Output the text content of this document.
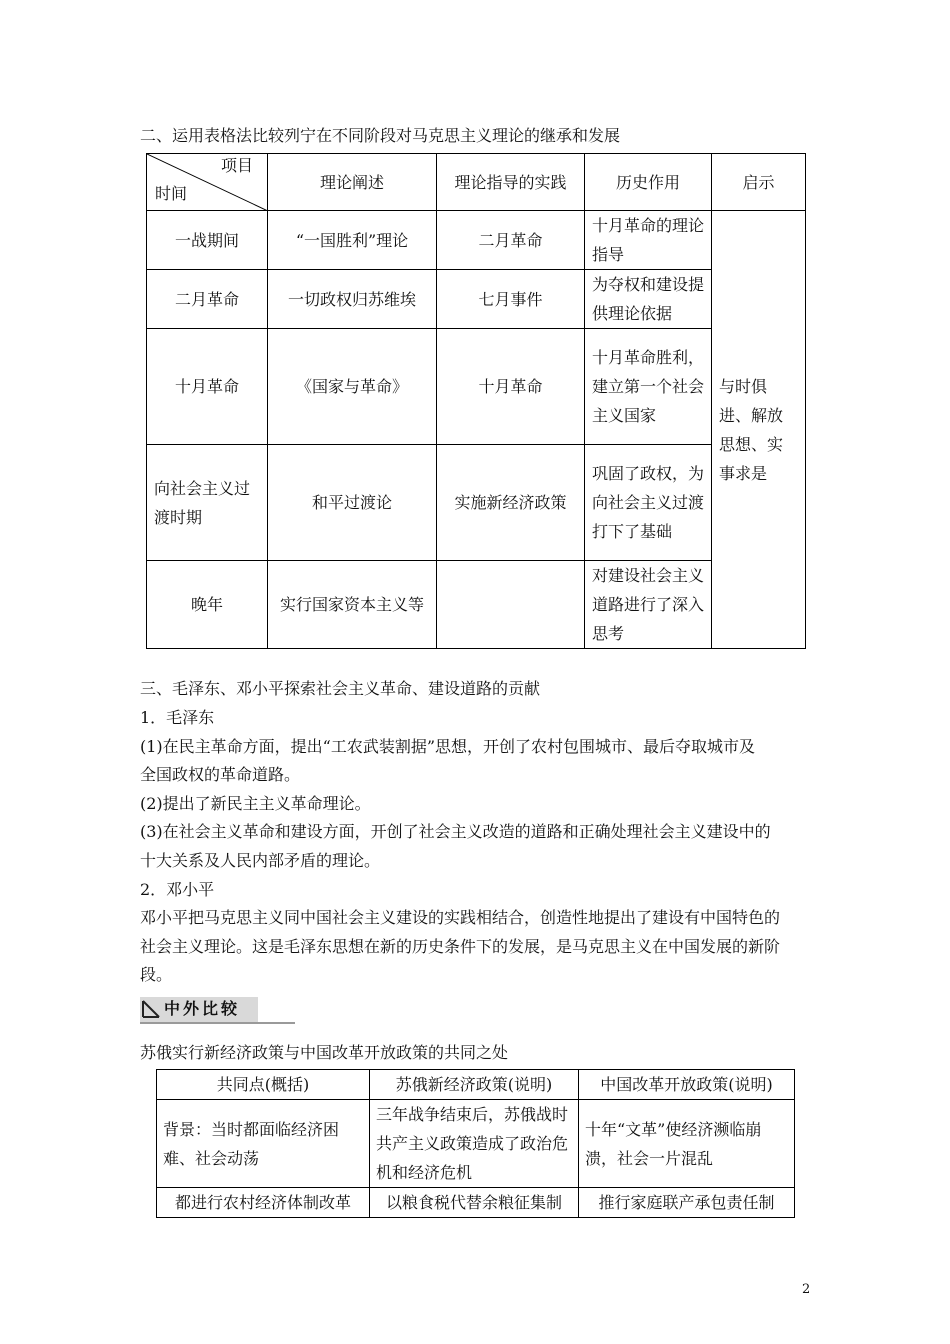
二、运用表格法比较列宁在不同阶段对马克思主义理论的继承和发展
项目
时间	理论阐述	理论指导的实践	历史作用	启示
一战期间	“一国胜利”理论	二月革命	十月革命的理论指导	与时俱进、解放思想、实事求是
二月革命	一切政权归苏维埃	七月事件	为夺权和建设提供理论依据	
十月革命	《国家与革命》	十月革命	十月革命胜利，建立第一个社会主义国家	
向社会主义过渡时期	和平过渡论	实施新经济政策	巩固了政权，为向社会主义过渡打下了基础	
晚年	实行国家资本主义等		对建设社会主义道路进行了深入思考	
三、毛泽东、邓小平探索社会主义革命、建设道路的贡献
1．毛泽东
(1)在民主革命方面，提出“工农武装割据”思想，开创了农村包围城市、最后夺取城市及
全国政权的革命道路。
(2)提出了新民主主义革命理论。
(3)在社会主义革命和建设方面，开创了社会主义改造的道路和正确处理社会主义建设中的
十大关系及人民内部矛盾的理论。
2．邓小平
邓小平把马克思主义同中国社会主义建设的实践相结合，创造性地提出了建设有中国特色的
社会主义理论。这是毛泽东思想在新的历史条件下的发展，是马克思主义在中国发展的新阶
段。
中外比较
苏俄实行新经济政策与中国改革开放政策的共同之处
共同点(概括)	苏俄新经济政策(说明)	中国改革开放政策(说明)
背景：当时都面临经济困难、社会动荡	三年战争结束后，苏俄战时共产主义政策造成了政治危机和经济危机	十年“文革”使经济濒临崩溃，社会一片混乱
都进行农村经济体制改革	以粮食税代替余粮征集制	推行家庭联产承包责任制
2
